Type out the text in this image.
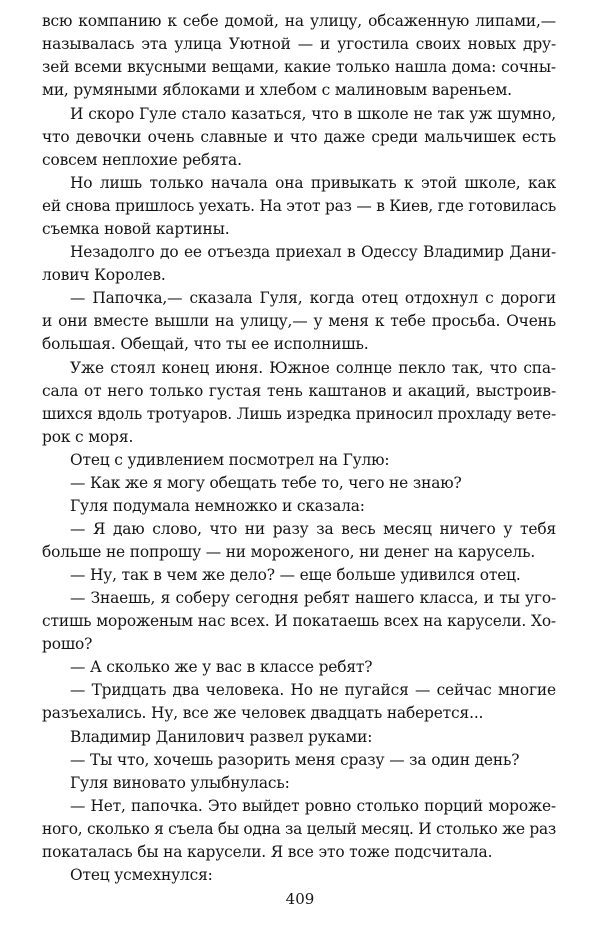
всю компанию к себе домой, на улицу, обсаженную липами,—
называлась эта улица Уютной — и угостила своих новых дру-
зей всеми вкусными вещами, какие только нашла дома: сочны-
ми, румяными яблоками и хлебом с малиновым вареньем.
И скоро Гуле стало казаться, что в школе не так уж шумно,
что девочки очень славные и что даже среди мальчишек есть
совсем неплохие ребята.
Но лишь только начала она привыкать к этой школе, как
ей снова пришлось уехать. На этот раз — в Киев, где готовилась
съемка новой картины.
Незадолго до ее отъезда приехал в Одессу Владимир Дани-
лович Королев.
— Папочка,— сказала Гуля, когда отец отдохнул с дороги
и они вместе вышли на улицу,— у меня к тебе просьба. Очень
большая. Обещай, что ты ее исполнишь.
Уже стоял конец июня. Южное солнце пекло так, что спа-
сала от него только густая тень каштанов и акаций, выстроив-
шихся вдоль тротуаров. Лишь изредка приносил прохладу вете-
рок с моря.
Отец с удивлением посмотрел на Гулю:
— Как же я могу обещать тебе то, чего не знаю?
Гуля подумала немножко и сказала:
— Я даю слово, что ни разу за весь месяц ничего у тебя
больше не попрошу — ни мороженого, ни денег на карусель.
— Ну, так в чем же дело? — еще больше удивился отец.
— Знаешь, я соберу сегодня ребят нашего класса, и ты уго-
стишь мороженым нас всех. И покатаешь всех на карусели. Хо-
рошо?
— А сколько же у вас в классе ребят?
— Тридцать два человека. Но не пугайся — сейчас многие
разъехались. Ну, все же человек двадцать наберется...
Владимир Данилович развел руками:
— Ты что, хочешь разорить меня сразу — за один день?
Гуля виновато улыбнулась:
— Нет, папочка. Это выйдет ровно столько порций мороже-
ного, сколько я съела бы одна за целый месяц. И столько же раз
покаталась бы на карусели. Я все это тоже подсчитала.
Отец усмехнулся:
409
